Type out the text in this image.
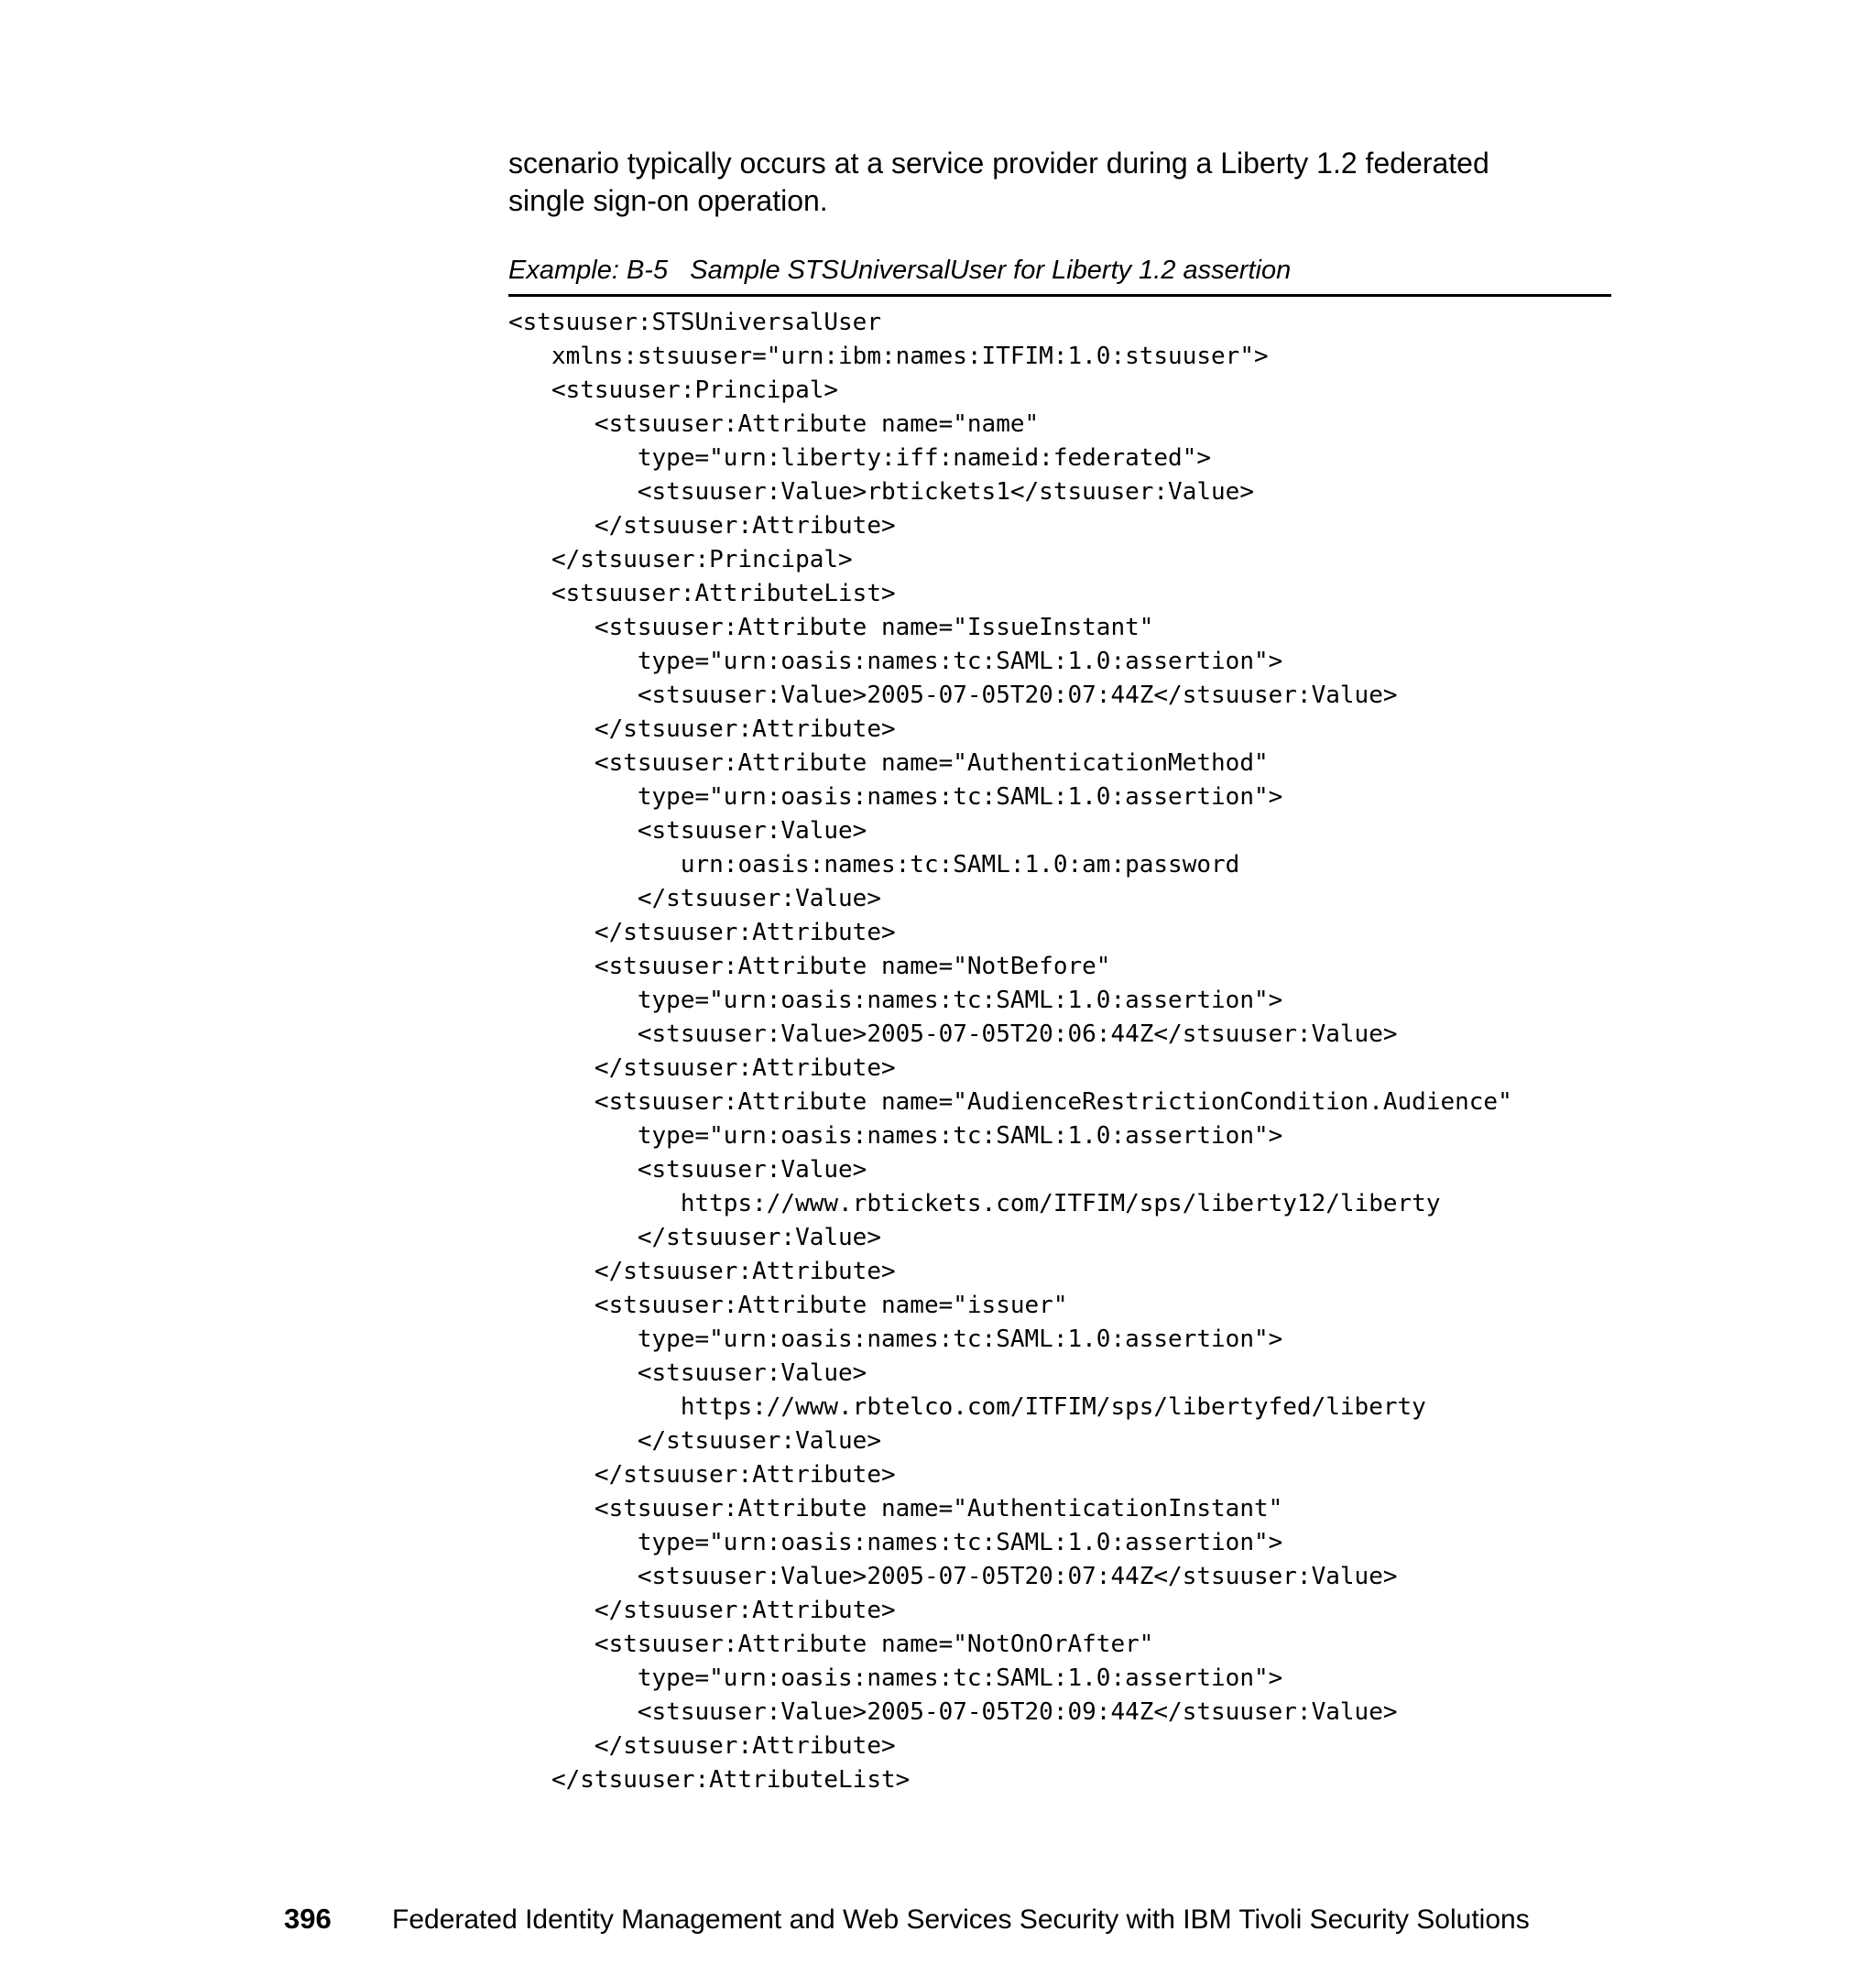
scenario typically occurs at a service provider during a Liberty 1.2 federated

single sign-on operation.

Example: B-5   Sample STSUniversalUser for Liberty 1.2 assertion
<stsuuser:STSUniversalUser
xmlns:stsuuser="urn:ibm:names:ITFIM:1.0:stsuuser">
<stsuuser:Principal>
<stsuuser:Attribute name="name"
type="urn:liberty:iff:nameid:federated">
<stsuuser:Value>rbtickets1</stsuuser:Value>
</stsuuser:Attribute>
</stsuuser:Principal>
<stsuuser:AttributeList>
<stsuuser:Attribute name="IssueInstant"
type="urn:oasis:names:tc:SAML:1.0:assertion">
<stsuuser:Value>2005-07-05T20:07:44Z</stsuuser:Value>
</stsuuser:Attribute>
<stsuuser:Attribute name="AuthenticationMethod"
type="urn:oasis:names:tc:SAML:1.0:assertion">
<stsuuser:Value>
urn:oasis:names:tc:SAML:1.0:am:password
</stsuuser:Value>
</stsuuser:Attribute>
<stsuuser:Attribute name="NotBefore"
type="urn:oasis:names:tc:SAML:1.0:assertion">
<stsuuser:Value>2005-07-05T20:06:44Z</stsuuser:Value>
</stsuuser:Attribute>
<stsuuser:Attribute name="AudienceRestrictionCondition.Audience"
type="urn:oasis:names:tc:SAML:1.0:assertion">
<stsuuser:Value>
https://www.rbtickets.com/ITFIM/sps/liberty12/liberty
</stsuuser:Value>
</stsuuser:Attribute>
<stsuuser:Attribute name="issuer"
type="urn:oasis:names:tc:SAML:1.0:assertion">
<stsuuser:Value>
https://www.rbtelco.com/ITFIM/sps/libertyfed/liberty
</stsuuser:Value>
</stsuuser:Attribute>
<stsuuser:Attribute name="AuthenticationInstant"
type="urn:oasis:names:tc:SAML:1.0:assertion">
<stsuuser:Value>2005-07-05T20:07:44Z</stsuuser:Value>
</stsuuser:Attribute>
<stsuuser:Attribute name="NotOnOrAfter"
type="urn:oasis:names:tc:SAML:1.0:assertion">
<stsuuser:Value>2005-07-05T20:09:44Z</stsuuser:Value>
</stsuuser:Attribute>
</stsuuser:AttributeList>
396 Federated Identity Management and Web Services Security with IBM Tivoli Security Solutions
